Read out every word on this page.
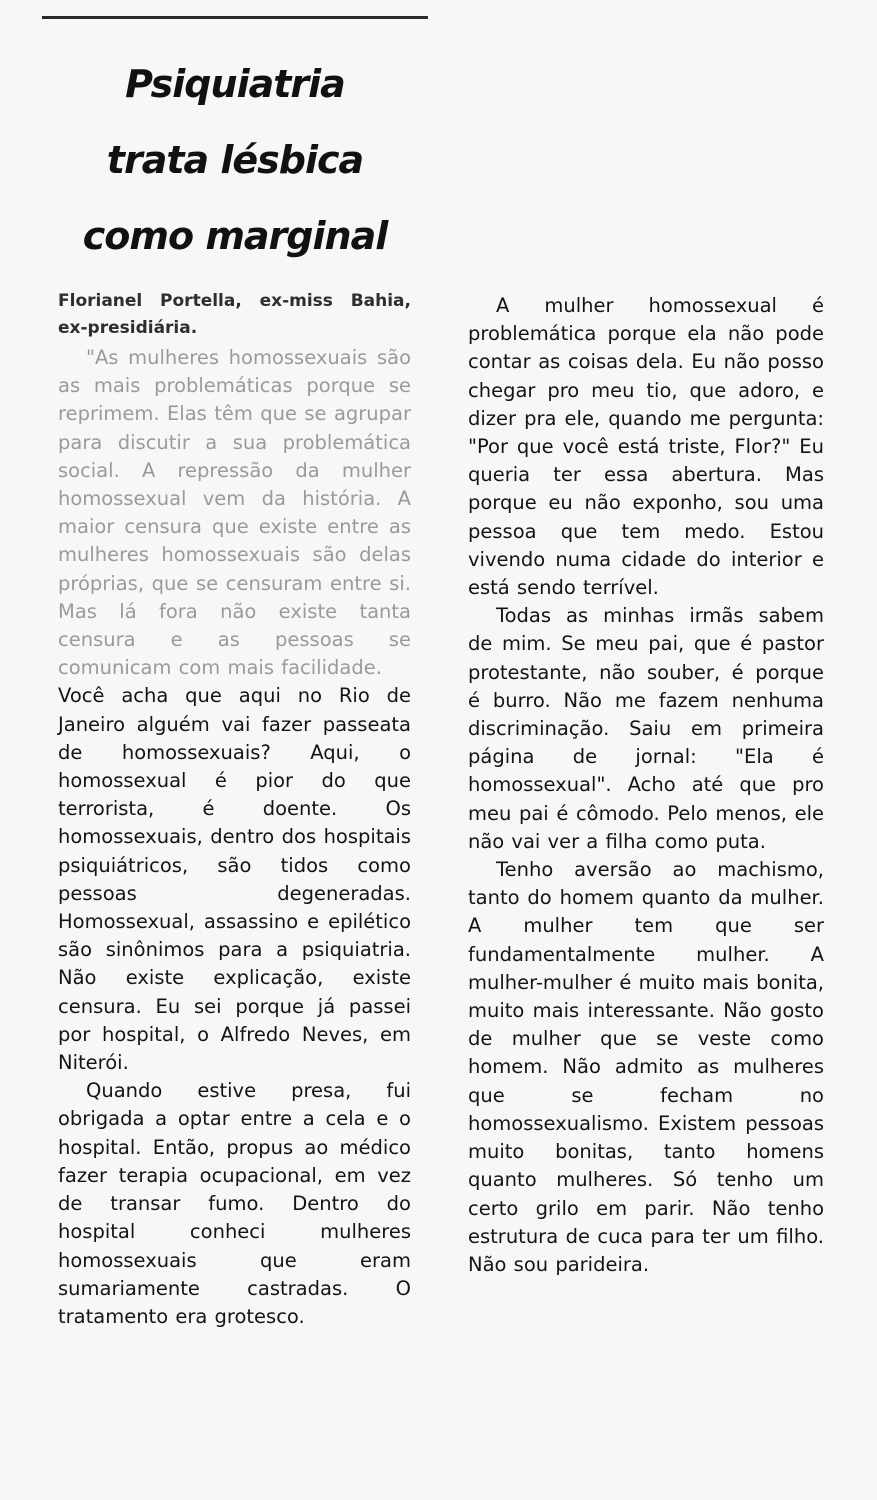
Psiquiatria
trata lésbica
como marginal

Florianel Portella, ex-miss Bahia, ex-presidiária.

"As mulheres homossexuais são as mais problemáticas porque se reprimem. Elas têm que se agrupar para discutir a sua problemática social. A repressão da mulher homossexual vem da história. A maior censura que existe entre as mulheres homossexuais são delas próprias, que se censuram entre si. Mas lá fora não existe tanta censura e as pessoas se comunicam com mais facilidade.

Você acha que aqui no Rio de Janeiro alguém vai fazer passeata de homossexuais? Aqui, o homossexual é pior do que terrorista, é doente. Os homossexuais, dentro dos hospitais psiquiátricos, são tidos como pessoas degeneradas. Homossexual, assassino e epilético são sinônimos para a psiquiatria. Não existe explicação, existe censura. Eu sei porque já passei por hospital, o Alfredo Neves, em Niterói.

Quando estive presa, fui obrigada a optar entre a cela e o hospital. Então, propus ao médico fazer terapia ocupacional, em vez de transar fumo. Dentro do hospital conheci mulheres homossexuais que eram sumariamente castradas. O tratamento era grotesco.

A mulher homossexual é problemática porque ela não pode contar as coisas dela. Eu não posso chegar pro meu tio, que adoro, e dizer pra ele, quando me pergunta: "Por que você está triste, Flor?" Eu queria ter essa abertura. Mas porque eu não exponho, sou uma pessoa que tem medo. Estou vivendo numa cidade do interior e está sendo terrível.

Todas as minhas irmãs sabem de mim. Se meu pai, que é pastor protestante, não souber, é porque é burro. Não me fazem nenhuma discriminação. Saiu em primeira página de jornal: "Ela é homossexual". Acho até que pro meu pai é cômodo. Pelo menos, ele não vai ver a filha como puta.

Tenho aversão ao machismo, tanto do homem quanto da mulher. A mulher tem que ser fundamentalmente mulher. A mulher-mulher é muito mais bonita, muito mais interessante. Não gosto de mulher que se veste como homem. Não admito as mulheres que se fecham no homossexualismo. Existem pessoas muito bonitas, tanto homens quanto mulheres. Só tenho um certo grilo em parir. Não tenho estrutura de cuca para ter um filho. Não sou parideira.
